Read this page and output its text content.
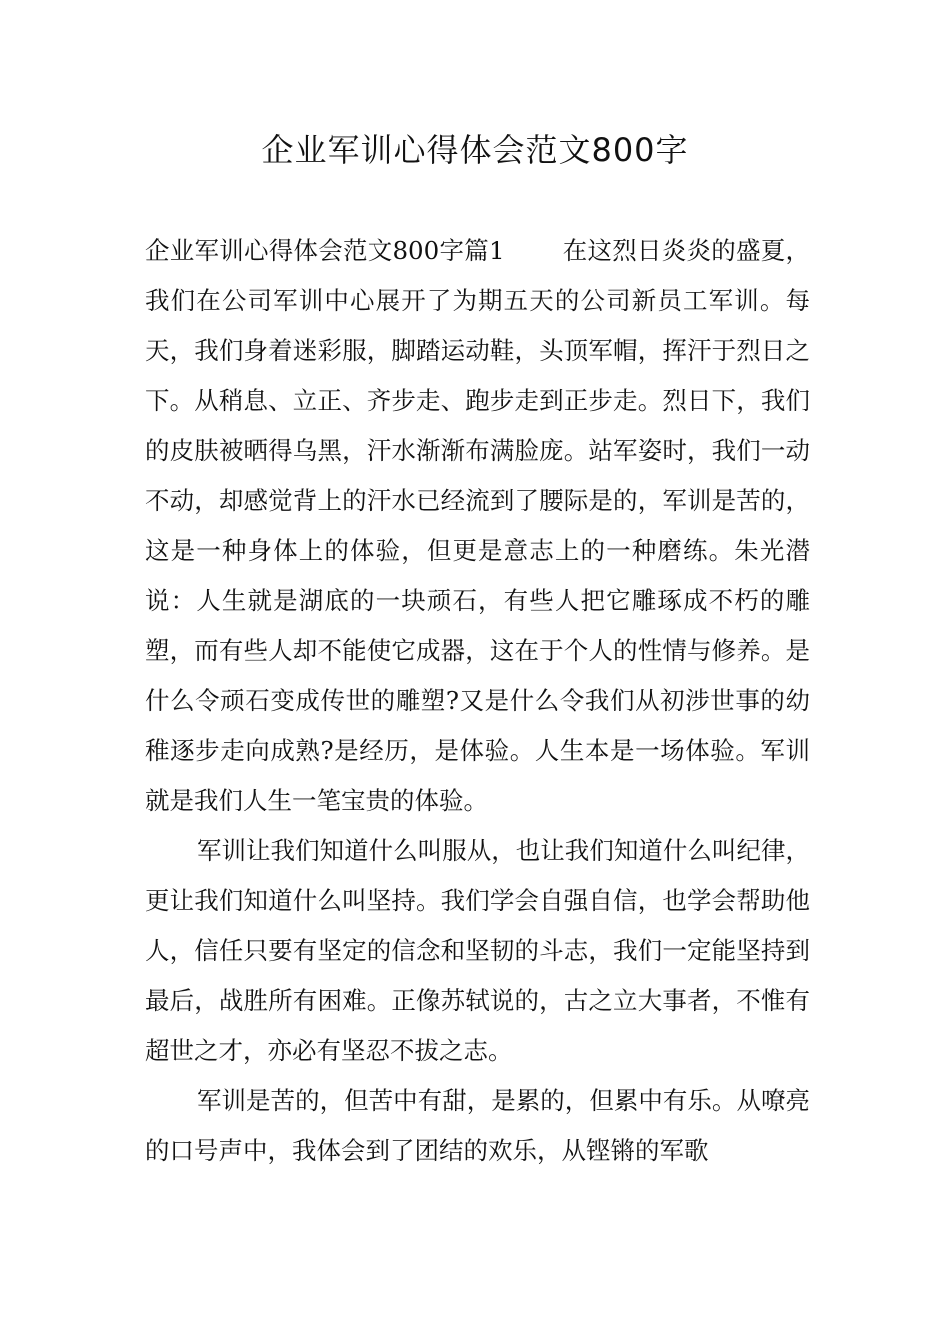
企业军训心得体会范文800字

企业军训心得体会范文800字篇1 在这烈日炎炎的盛夏，我们在公司军训中心展开了为期五天的公司新员工军训。每天，我们身着迷彩服，脚踏运动鞋，头顶军帽，挥汗于烈日之下。从稍息、立正、齐步走、跑步走到正步走。烈日下，我们的皮肤被晒得乌黑，汗水渐渐布满脸庞。站军姿时，我们一动不动，却感觉背上的汗水已经流到了腰际是的，军训是苦的，这是一种身体上的体验，但更是意志上的一种磨练。朱光潜说：人生就是湖底的一块顽石，有些人把它雕琢成不朽的雕塑，而有些人却不能使它成器，这在于个人的性情与修养。是什么令顽石变成传世的雕塑?又是什么令我们从初涉世事的幼稚逐步走向成熟?是经历，是体验。人生本是一场体验。军训就是我们人生一笔宝贵的体验。

军训让我们知道什么叫服从，也让我们知道什么叫纪律，更让我们知道什么叫坚持。我们学会自强自信，也学会帮助他人，信任只要有坚定的信念和坚韧的斗志，我们一定能坚持到最后，战胜所有困难。正像苏轼说的，古之立大事者，不惟有超世之才，亦必有坚忍不拔之志。

军训是苦的，但苦中有甜，是累的，但累中有乐。从嘹亮的口号声中，我体会到了团结的欢乐，从铿锵的军歌
